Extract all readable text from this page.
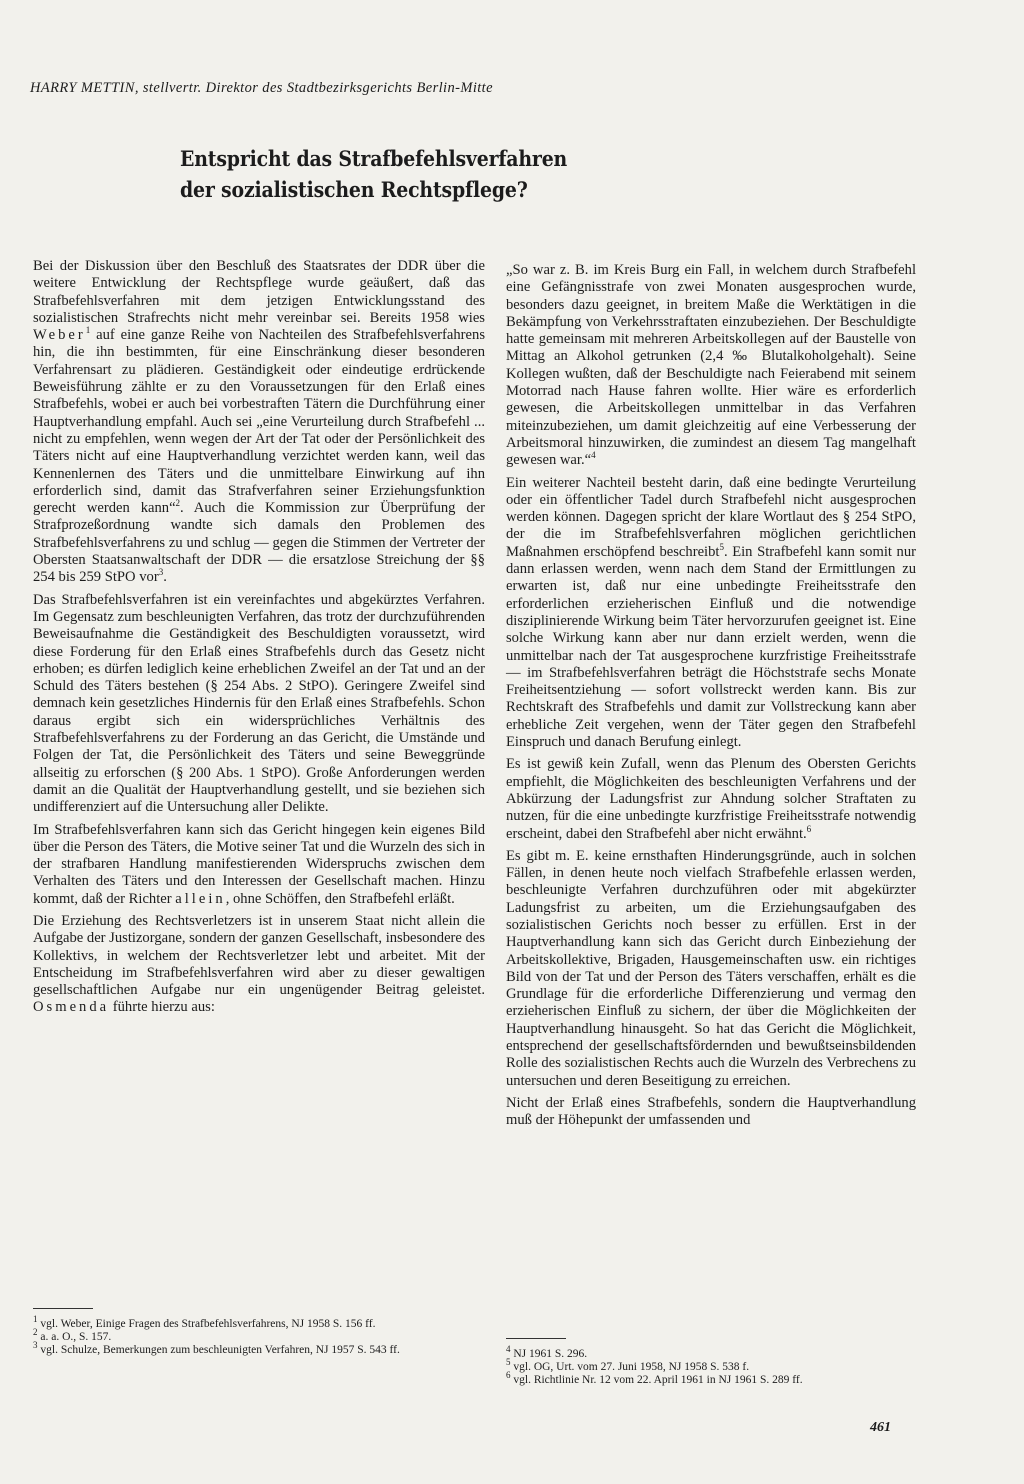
HARRY METTIN, stellvertr. Direktor des Stadtbezirksgerichts Berlin-Mitte
Entspricht das Strafbefehlsverfahren
der sozialistischen Rechtspflege?

Bei der Diskussion über den Beschluß des Staatsrates der DDR über die weitere Entwicklung der Rechtspflege wurde geäußert, daß das Strafbefehlsverfahren mit dem jetzigen Entwicklungsstand des sozialistischen Strafrechts nicht mehr vereinbar sei. Bereits 1958 wies Weber$^1$ auf eine ganze Reihe von Nachteilen des Strafbefehlsverfahrens hin, die ihn bestimmten, für eine Einschränkung dieser besonderen Verfahrensart zu plädieren. Geständigkeit oder eindeutige erdrückende Beweisführung zählte er zu den Voraussetzungen für den Erlaß eines Strafbefehls, wobei er auch bei vorbestraften Tätern die Durchführung einer Hauptverhandlung empfahl. Auch sei „eine Verurteilung durch Strafbefehl ... nicht zu empfehlen, wenn wegen der Art der Tat oder der Persönlichkeit des Täters nicht auf eine Hauptverhandlung verzichtet werden kann, weil das Kennenlernen des Täters und die unmittelbare Einwirkung auf ihn erforderlich sind, damit das Strafverfahren seiner Erziehungsfunktion gerecht werden kann“$^2$. Auch die Kommission zur Überprüfung der Strafprozeßordnung wandte sich damals den Problemen des Strafbefehlsverfahrens zu und schlug — gegen die Stimmen der Vertreter der Obersten Staatsanwaltschaft der DDR — die ersatzlose Streichung der §§ 254 bis 259 StPO vor$^3$.

Das Strafbefehlsverfahren ist ein vereinfachtes und abgekürztes Verfahren. Im Gegensatz zum beschleunigten Verfahren, das trotz der durchzuführenden Beweisaufnahme die Geständigkeit des Beschuldigten voraussetzt, wird diese Forderung für den Erlaß eines Strafbefehls durch das Gesetz nicht erhoben; es dürfen lediglich keine erheblichen Zweifel an der Tat und an der Schuld des Täters bestehen (§ 254 Abs. 2 StPO). Geringere Zweifel sind demnach kein gesetzliches Hindernis für den Erlaß eines Strafbefehls. Schon daraus ergibt sich ein widersprüchliches Verhältnis des Strafbefehlsverfahrens zu der Forderung an das Gericht, die Umstände und Folgen der Tat, die Persönlichkeit des Täters und seine Beweggründe allseitig zu erforschen (§ 200 Abs. 1 StPO). Große Anforderungen werden damit an die Qualität der Hauptverhandlung gestellt, und sie beziehen sich undifferenziert auf die Untersuchung aller Delikte.

Im Strafbefehlsverfahren kann sich das Gericht hingegen kein eigenes Bild über die Person des Täters, die Motive seiner Tat und die Wurzeln des sich in der strafbaren Handlung manifestierenden Widerspruchs zwischen dem Verhalten des Täters und den Interessen der Gesellschaft machen. Hinzu kommt, daß der Richter allein, ohne Schöffen, den Strafbefehl erläßt.

Die Erziehung des Rechtsverletzers ist in unserem Staat nicht allein die Aufgabe der Justizorgane, sondern der ganzen Gesellschaft, insbesondere des Kollektivs, in welchem der Rechtsverletzer lebt und arbeitet. Mit der Entscheidung im Strafbefehlsverfahren wird aber zu dieser gewaltigen gesellschaftlichen Aufgabe nur ein ungenügender Beitrag geleistet. Osmenda führte hierzu aus:

„So war z. B. im Kreis Burg ein Fall, in welchem durch Strafbefehl eine Gefängnisstrafe von zwei Monaten ausgesprochen wurde, besonders dazu geeignet, in breitem Maße die Werktätigen in die Bekämpfung von Verkehrsstraftaten einzubeziehen. Der Beschuldigte hatte gemeinsam mit mehreren Arbeitskollegen auf der Baustelle von Mittag an Alkohol getrunken (2,4 ‰ Blutalkoholgehalt). Seine Kollegen wußten, daß der Beschuldigte nach Feierabend mit seinem Motorrad nach Hause fahren wollte. Hier wäre es erforderlich gewesen, die Arbeitskollegen unmittelbar in das Verfahren miteinzubeziehen, um damit gleichzeitig auf eine Verbesserung der Arbeitsmoral hinzuwirken, die zumindest an diesem Tag mangelhaft gewesen war.“$^4$

Ein weiterer Nachteil besteht darin, daß eine bedingte Verurteilung oder ein öffentlicher Tadel durch Strafbefehl nicht ausgesprochen werden können. Dagegen spricht der klare Wortlaut des § 254 StPO, der die im Strafbefehlsverfahren möglichen gerichtlichen Maßnahmen erschöpfend beschreibt$^5$. Ein Strafbefehl kann somit nur dann erlassen werden, wenn nach dem Stand der Ermittlungen zu erwarten ist, daß nur eine unbedingte Freiheitsstrafe den erforderlichen erzieherischen Einfluß und die notwendige disziplinierende Wirkung beim Täter hervorzurufen geeignet ist. Eine solche Wirkung kann aber nur dann erzielt werden, wenn die unmittelbar nach der Tat ausgesprochene kurzfristige Freiheitsstrafe — im Strafbefehlsverfahren beträgt die Höchststrafe sechs Monate Freiheitsentziehung — sofort vollstreckt werden kann. Bis zur Rechtskraft des Strafbefehls und damit zur Vollstreckung kann aber erhebliche Zeit vergehen, wenn der Täter gegen den Strafbefehl Einspruch und danach Berufung einlegt.

Es ist gewiß kein Zufall, wenn das Plenum des Obersten Gerichts empfiehlt, die Möglichkeiten des beschleunigten Verfahrens und der Abkürzung der Ladungsfrist zur Ahndung solcher Straftaten zu nutzen, für die eine unbedingte kurzfristige Freiheitsstrafe notwendig erscheint, dabei den Strafbefehl aber nicht erwähnt.$^6$

Es gibt m. E. keine ernsthaften Hinderungsgründe, auch in solchen Fällen, in denen heute noch vielfach Strafbefehle erlassen werden, beschleunigte Verfahren durchzuführen oder mit abgekürzter Ladungsfrist zu arbeiten, um die Erziehungsaufgaben des sozialistischen Gerichts noch besser zu erfüllen. Erst in der Hauptverhandlung kann sich das Gericht durch Einbeziehung der Arbeitskollektive, Brigaden, Hausgemeinschaften usw. ein richtiges Bild von der Tat und der Person des Täters verschaffen, erhält es die Grundlage für die erforderliche Differenzierung und vermag den erzieherischen Einfluß zu sichern, der über die Möglichkeiten der Hauptverhandlung hinausgeht. So hat das Gericht die Möglichkeit, entsprechend der gesellschaftsfördernden und bewußtseinsbildenden Rolle des sozialistischen Rechts auch die Wurzeln des Verbrechens zu untersuchen und deren Beseitigung zu erreichen.

Nicht der Erlaß eines Strafbefehls, sondern die Hauptverhandlung muß der Höhepunkt der umfassenden und

$^1$ vgl. Weber, Einige Fragen des Strafbefehlsverfahrens, NJ 1958 S. 156 ff.
$^2$ a. a. O., S. 157.
$^3$ vgl. Schulze, Bemerkungen zum beschleunigten Verfahren, NJ 1957 S. 543 ff.	$^4$ NJ 1961 S. 296.
$^5$ vgl. OG, Urt. vom 27. Juni 1958, NJ 1958 S. 538 f.
$^6$ vgl. Richtlinie Nr. 12 vom 22. April 1961 in NJ 1961 S. 289 ff.
461
